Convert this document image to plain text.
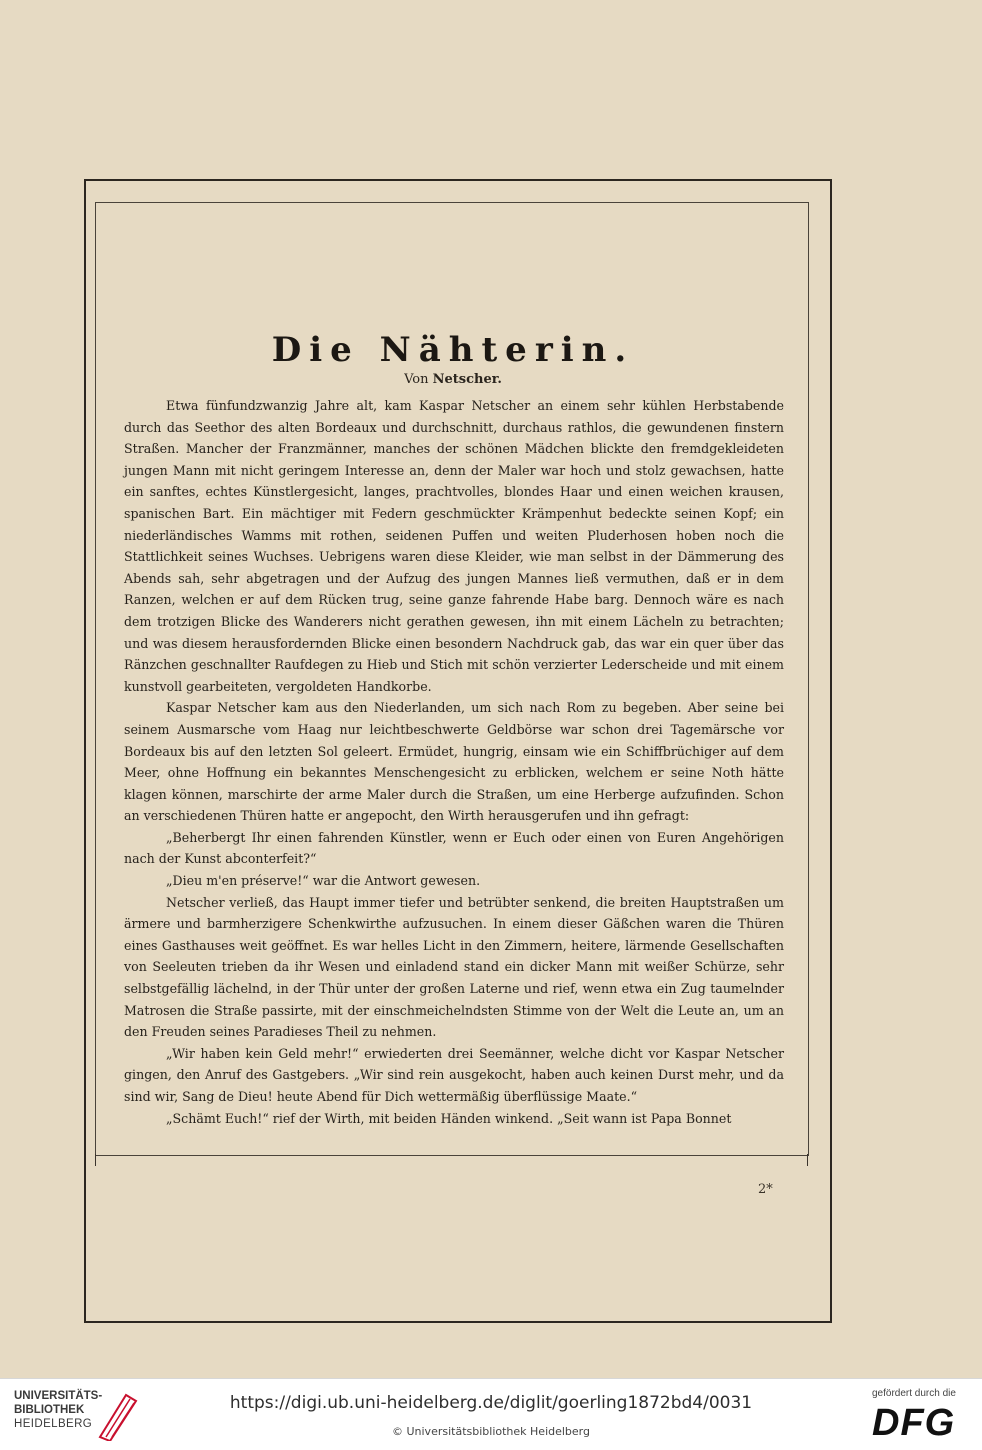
Die Nähterin.
Von Netscher.

Etwa fünfundzwanzig Jahre alt, kam Kaspar Netscher an einem sehr kühlen Herbstabende durch das Seethor des alten Bordeaux und durchschnitt, durchaus rathlos, die gewundenen finstern Straßen. Mancher der Franzmänner, manches der schönen Mädchen blickte den fremdgekleideten jungen Mann mit nicht geringem Interesse an, denn der Maler war hoch und stolz gewachsen, hatte ein sanftes, echtes Künstlergesicht, langes, prachtvolles, blondes Haar und einen weichen krausen, spanischen Bart. Ein mächtiger mit Federn geschmückter Krämpenhut bedeckte seinen Kopf; ein niederländisches Wamms mit rothen, seidenen Puffen und weiten Pluderhosen hoben noch die Stattlichkeit seines Wuchses. Uebrigens waren diese Kleider, wie man selbst in der Dämmerung des Abends sah, sehr abgetragen und der Aufzug des jungen Mannes ließ vermuthen, daß er in dem Ranzen, welchen er auf dem Rücken trug, seine ganze fahrende Habe barg. Dennoch wäre es nach dem trotzigen Blicke des Wanderers nicht gerathen gewesen, ihn mit einem Lächeln zu betrachten; und was diesem herausfordernden Blicke einen besondern Nachdruck gab, das war ein quer über das Ränzchen geschnallter Raufdegen zu Hieb und Stich mit schön verzierter Lederscheide und mit einem kunstvoll gearbeiteten, vergoldeten Handkorbe.

Kaspar Netscher kam aus den Niederlanden, um sich nach Rom zu begeben. Aber seine bei seinem Ausmarsche vom Haag nur leichtbeschwerte Geldbörse war schon drei Tagemärsche vor Bordeaux bis auf den letzten Sol geleert. Ermüdet, hungrig, einsam wie ein Schiffbrüchiger auf dem Meer, ohne Hoffnung ein bekanntes Menschengesicht zu erblicken, welchem er seine Noth hätte klagen können, marschirte der arme Maler durch die Straßen, um eine Herberge aufzufinden. Schon an verschiedenen Thüren hatte er angepocht, den Wirth herausgerufen und ihn gefragt:

„Beherbergt Ihr einen fahrenden Künstler, wenn er Euch oder einen von Euren Angehörigen nach der Kunst abconterfeit?“

„Dieu m'en préserve!“ war die Antwort gewesen.

Netscher verließ, das Haupt immer tiefer und betrübter senkend, die breiten Hauptstraßen um ärmere und barmherzigere Schenkwirthe aufzusuchen. In einem dieser Gäßchen waren die Thüren eines Gasthauses weit geöffnet. Es war helles Licht in den Zimmern, heitere, lärmende Gesellschaften von Seeleuten trieben da ihr Wesen und einladend stand ein dicker Mann mit weißer Schürze, sehr selbstgefällig lächelnd, in der Thür unter der großen Laterne und rief, wenn etwa ein Zug taumelnder Matrosen die Straße passirte, mit der einschmeichelndsten Stimme von der Welt die Leute an, um an den Freuden seines Paradieses Theil zu nehmen.

„Wir haben kein Geld mehr!“ erwiederten drei Seemänner, welche dicht vor Kaspar Netscher gingen, den Anruf des Gastgebers. „Wir sind rein ausgekocht, haben auch keinen Durst mehr, und da sind wir, Sang de Dieu! heute Abend für Dich wettermäßig überflüssige Maate.“

„Schämt Euch!“ rief der Wirth, mit beiden Händen winkend. „Seit wann ist Papa Bonnet

2*
UNIVERSITÄTS-
BIBLIOTHEK
HEIDELBERG
https://digi.ub.uni-heidelberg.de/diglit/goerling1872bd4/0031
© Universitätsbibliothek Heidelberg
gefördert durch die
DFG
